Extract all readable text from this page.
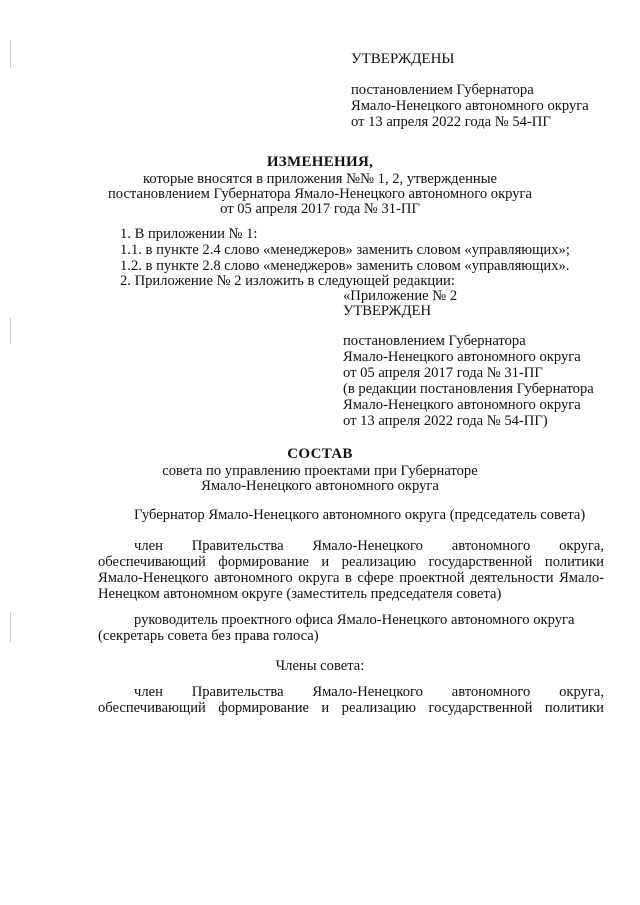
УТВЕРЖДЕНЫ
постановлением Губернатора
Ямало-Ненецкого автономного округа
от 13 апреля 2022 года № 54-ПГ
ИЗМЕНЕНИЯ,
которые вносятся в приложения №№ 1, 2, утвержденные
постановлением Губернатора Ямало-Ненецкого автономного округа
от 05 апреля 2017 года № 31-ПГ
1. В приложении № 1:
1.1. в пункте 2.4 слово «менеджеров» заменить словом «управляющих»;
1.2. в пункте 2.8 слово «менеджеров» заменить словом «управляющих».
2. Приложение № 2 изложить в следующей редакции:
«Приложение № 2
УТВЕРЖДЕН
постановлением Губернатора
Ямало-Ненецкого автономного округа
от 05 апреля 2017 года № 31-ПГ
(в редакции постановления Губернатора
Ямало-Ненецкого автономного округа
от 13 апреля 2022 года № 54-ПГ)
СОСТАВ
совета по управлению проектами при Губернаторе
Ямало-Ненецкого автономного округа
Губернатор Ямало-Ненецкого автономного округа (председатель совета)
член Правительства Ямало-Ненецкого автономного округа,
обеспечивающий формирование и реализацию государственной политики
Ямало-Ненецкого автономного округа в сфере проектной деятельности Ямало-
Ненецком автономном округе (заместитель председателя совета)
руководитель проектного офиса Ямало-Ненецкого автономного округа
(секретарь совета без права голоса)
Члены совета:
член Правительства Ямало-Ненецкого автономного округа,
обеспечивающий формирование и реализацию государственной политики
